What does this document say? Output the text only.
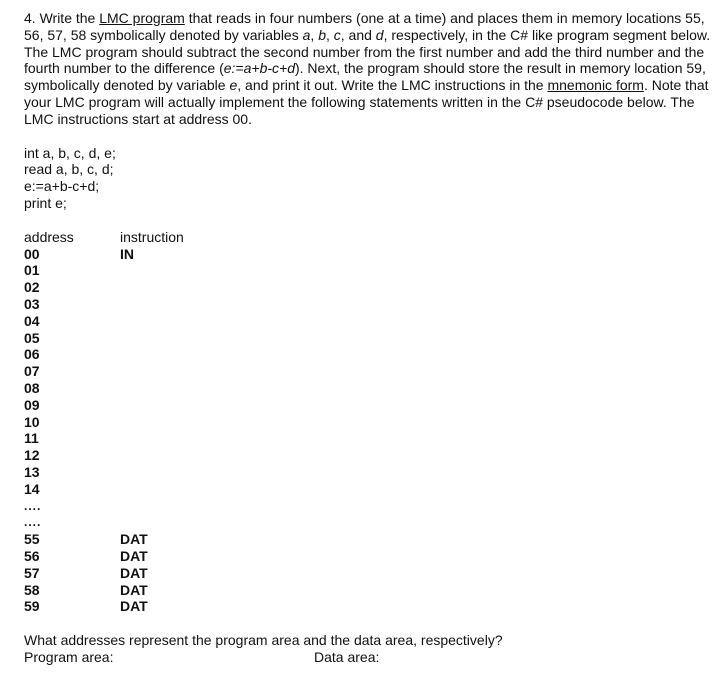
4. Write the LMC program that reads in four numbers (one at a time) and places them in memory locations 55, 56, 57, 58 symbolically denoted by variables a, b, c, and d, respectively, in the C# like program segment below. The LMC program should subtract the second number from the first number and add the third number and the fourth number to the difference (e:=a+b-c+d). Next, the program should store the result in memory location 59, symbolically denoted by variable e, and print it out. Write the LMC instructions in the mnemonic form. Note that your LMC program will actually implement the following statements written in the C# pseudocode below. The LMC instructions start at address 00.

int a, b, c, d, e;
read a, b, c, d;
e:=a+b-c+d;
print e;
address	instruction
00	IN
01
02
03
04
05
06
07
08
09
10
11
12
13
14
....
....
55	DAT
56	DAT
57	DAT
58	DAT
59	DAT
What addresses represent the program area and the data area, respectively?
Program area:	Data area:
